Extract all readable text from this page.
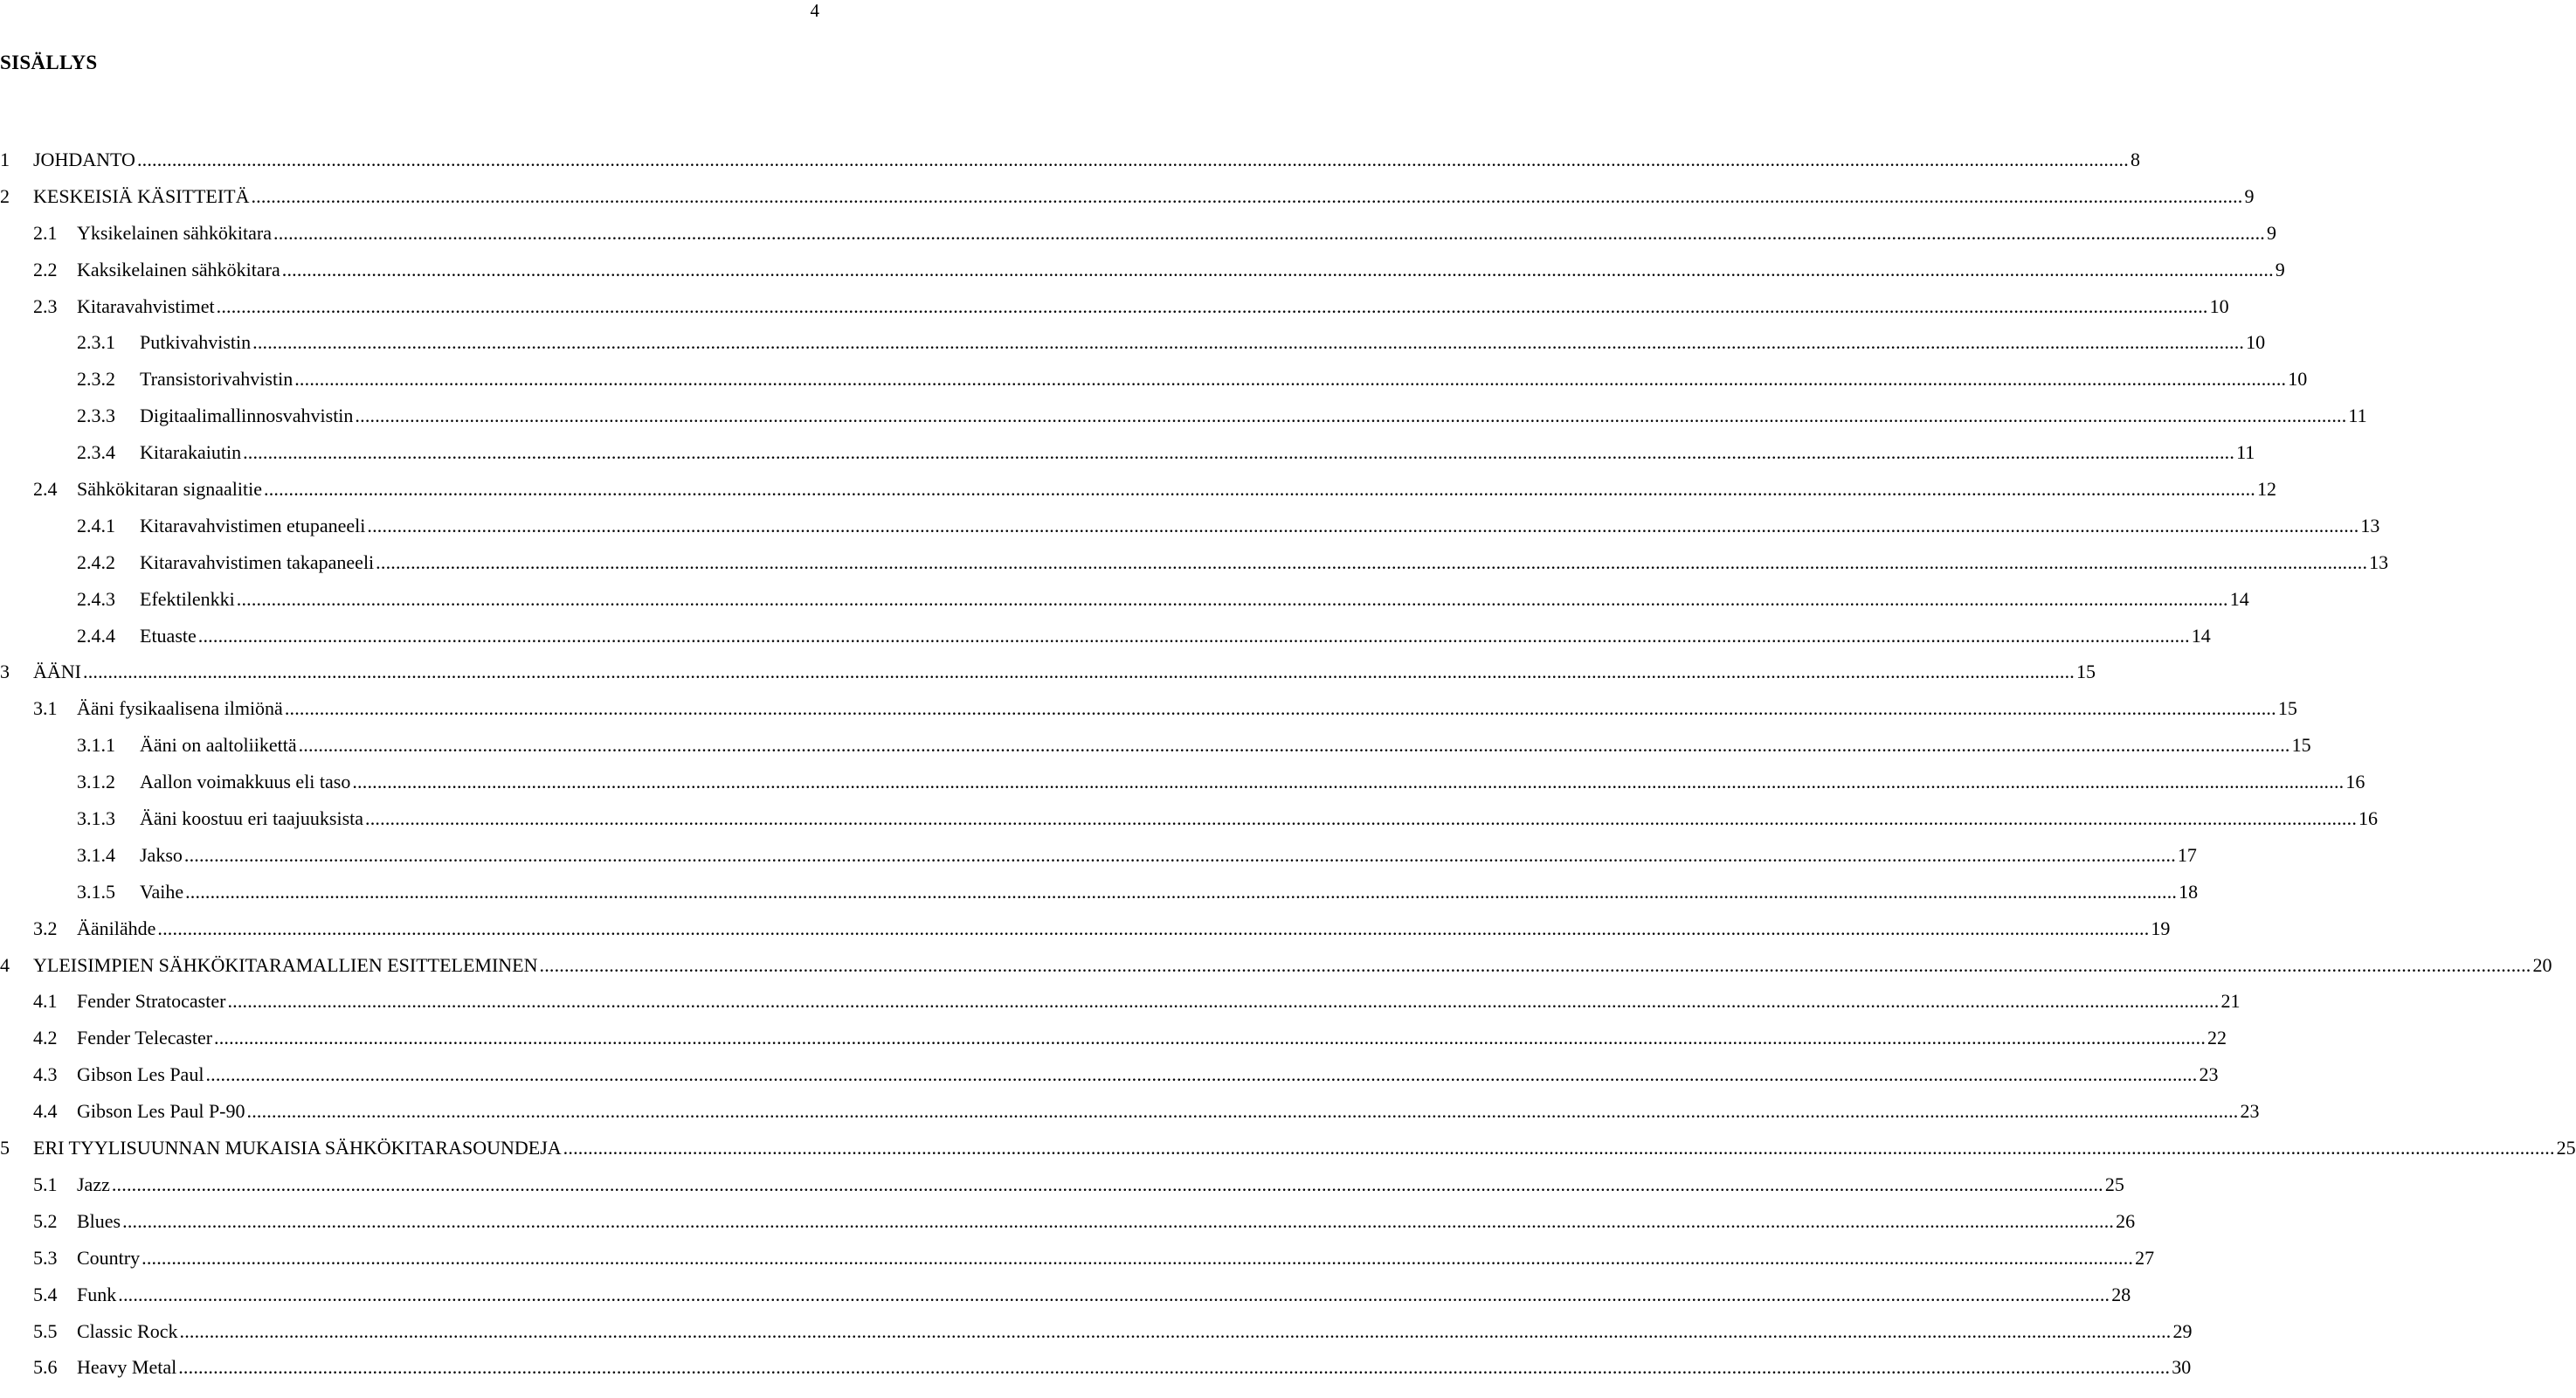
4
SISÄLLYS
1 JOHDANTO ................................................................................................................................................................................................................................................................................................................................................................................................................ 8
2 KESKEISIÄ KÄSITTEITÄ ................................................................................................................................................................................................................................................................................................................................................................................................................ 9
2.1 Yksikelainen sähkökitara ................................................................................................................................................................................................................................................................................................................................................................................................................ 9
2.2 Kaksikelainen sähkökitara ................................................................................................................................................................................................................................................................................................................................................................................................................ 9
2.3 Kitaravahvistimet ................................................................................................................................................................................................................................................................................................................................................................................................................ 10
2.3.1 Putkivahvistin ................................................................................................................................................................................................................................................................................................................................................................................................................ 10
2.3.2 Transistorivahvistin ................................................................................................................................................................................................................................................................................................................................................................................................................ 10
2.3.3 Digitaalimallinnosvahvistin ................................................................................................................................................................................................................................................................................................................................................................................................................ 11
2.3.4 Kitarakaiutin ................................................................................................................................................................................................................................................................................................................................................................................................................ 11
2.4 Sähkökitaran signaalitie ................................................................................................................................................................................................................................................................................................................................................................................................................ 12
2.4.1 Kitaravahvistimen etupaneeli ................................................................................................................................................................................................................................................................................................................................................................................................................ 13
2.4.2 Kitaravahvistimen takapaneeli ................................................................................................................................................................................................................................................................................................................................................................................................................ 13
2.4.3 Efektilenkki ................................................................................................................................................................................................................................................................................................................................................................................................................ 14
2.4.4 Etuaste ................................................................................................................................................................................................................................................................................................................................................................................................................ 14
3 ÄÄNI ................................................................................................................................................................................................................................................................................................................................................................................................................ 15
3.1 Ääni fysikaalisena ilmiönä ................................................................................................................................................................................................................................................................................................................................................................................................................ 15
3.1.1 Ääni on aaltoliikettä ................................................................................................................................................................................................................................................................................................................................................................................................................ 15
3.1.2 Aallon voimakkuus eli taso ................................................................................................................................................................................................................................................................................................................................................................................................................ 16
3.1.3 Ääni koostuu eri taajuuksista ................................................................................................................................................................................................................................................................................................................................................................................................................ 16
3.1.4 Jakso ................................................................................................................................................................................................................................................................................................................................................................................................................ 17
3.1.5 Vaihe ................................................................................................................................................................................................................................................................................................................................................................................................................ 18
3.2 Äänilähde ................................................................................................................................................................................................................................................................................................................................................................................................................ 19
4 YLEISIMPIEN SÄHKÖKITARAMALLIEN ESITTELEMINEN ................................................................................................................................................................................................................................................................................................................................................................................................................ 20
4.1 Fender Stratocaster ................................................................................................................................................................................................................................................................................................................................................................................................................ 21
4.2 Fender Telecaster ................................................................................................................................................................................................................................................................................................................................................................................................................ 22
4.3 Gibson Les Paul ................................................................................................................................................................................................................................................................................................................................................................................................................ 23
4.4 Gibson Les Paul P-90 ................................................................................................................................................................................................................................................................................................................................................................................................................ 23
5 ERI TYYLISUUNNAN MUKAISIA SÄHKÖKITARASOUNDEJA ................................................................................................................................................................................................................................................................................................................................................................................................................ 25
5.1 Jazz ................................................................................................................................................................................................................................................................................................................................................................................................................ 25
5.2 Blues ................................................................................................................................................................................................................................................................................................................................................................................................................ 26
5.3 Country ................................................................................................................................................................................................................................................................................................................................................................................................................ 27
5.4 Funk ................................................................................................................................................................................................................................................................................................................................................................................................................ 28
5.5 Classic Rock ................................................................................................................................................................................................................................................................................................................................................................................................................ 29
5.6 Heavy Metal ................................................................................................................................................................................................................................................................................................................................................................................................................ 30
